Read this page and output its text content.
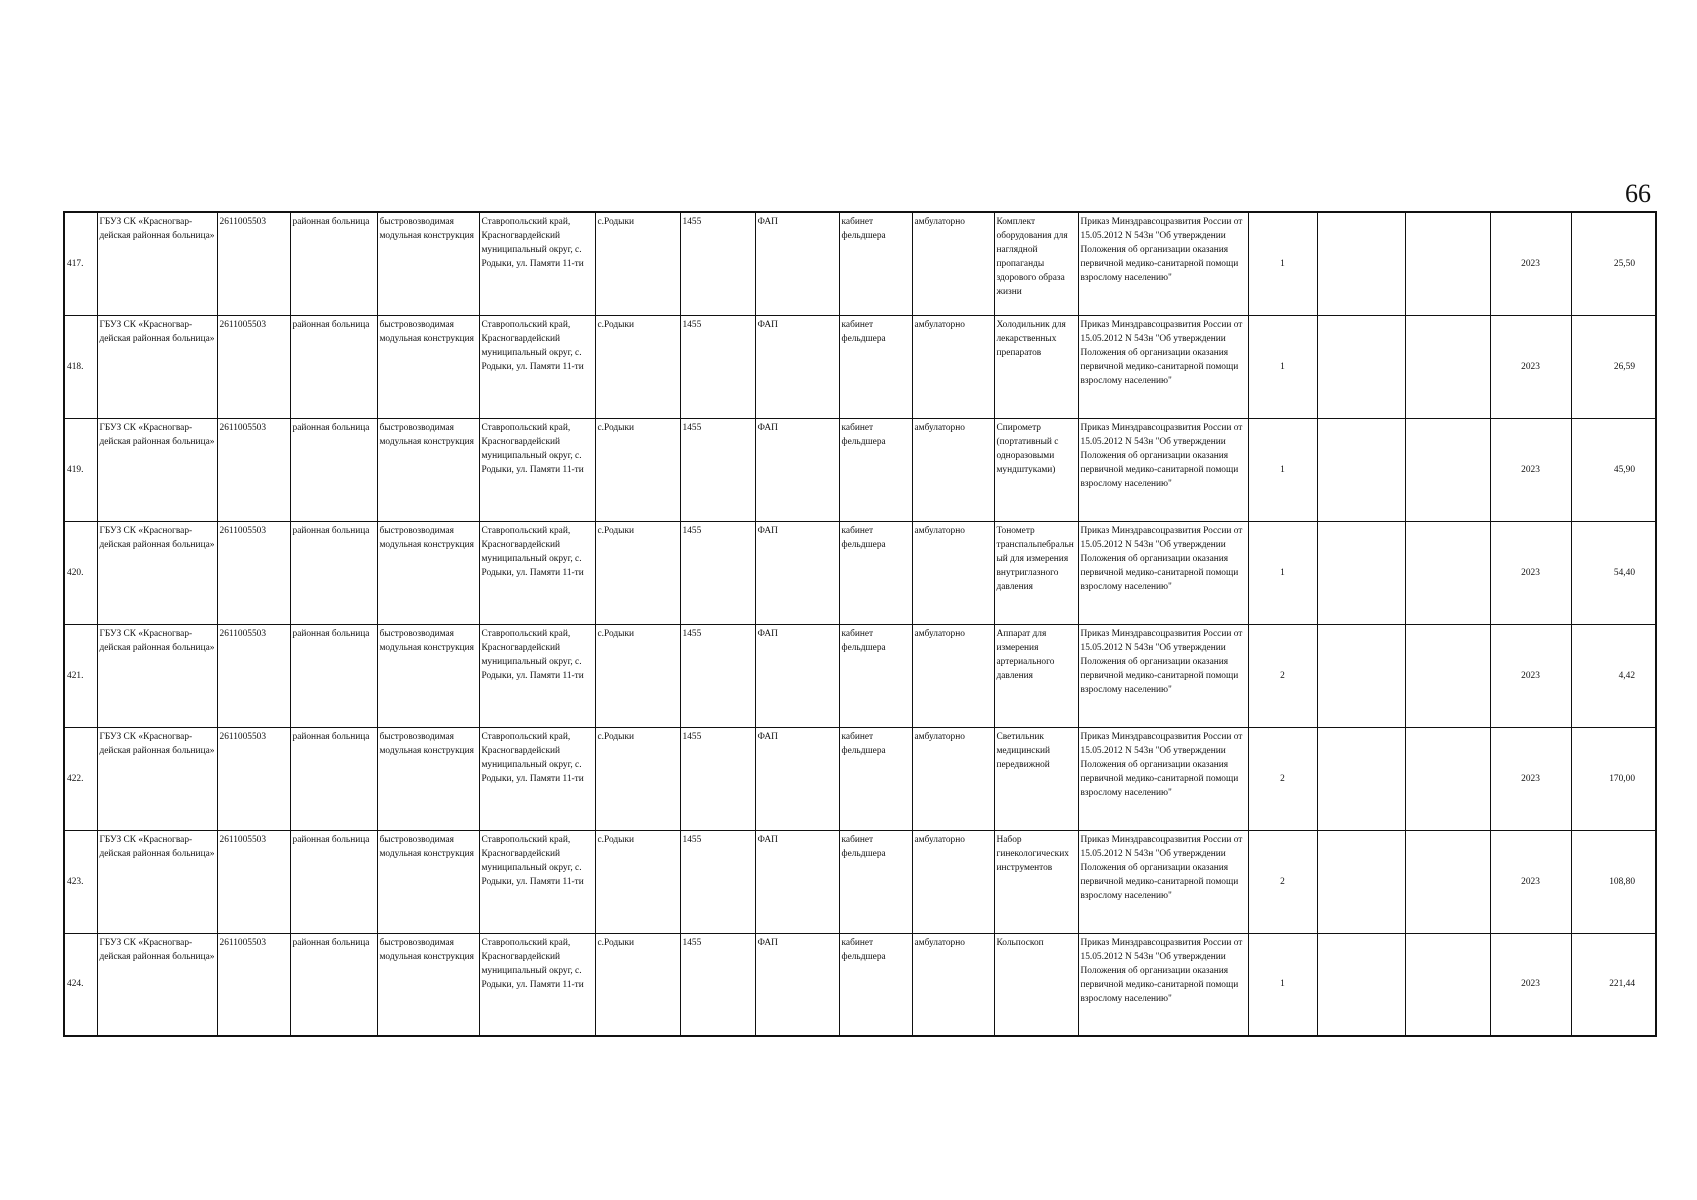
66
417.	ГБУЗ СК «Красногвар-дейская районная больница»	2611005503	районная больница	быстровозводимая модульная конструкция	Ставропольский край, Красногвардейский муниципальный округ, с. Родыки, ул. Памяти 11-ти	с.Родыки	1455	ФАП	кабинет фельдшера	амбулаторно	Комплект оборудования для наглядной пропаганды здорового образа жизни	Приказ Минздравсоцразвития России от 15.05.2012 N 543н "Об утверждении Положения об организации оказания первичной медико-санитарной помощи взрослому населению"	1			2023	25,50
418.	ГБУЗ СК «Красногвар-дейская районная больница»	2611005503	районная больница	быстровозводимая модульная конструкция	Ставропольский край, Красногвардейский муниципальный округ, с. Родыки, ул. Памяти 11-ти	с.Родыки	1455	ФАП	кабинет фельдшера	амбулаторно	Холодильник для лекарственных препаратов	Приказ Минздравсоцразвития России от 15.05.2012 N 543н "Об утверждении Положения об организации оказания первичной медико-санитарной помощи взрослому населению"	1			2023	26,59
419.	ГБУЗ СК «Красногвар-дейская районная больница»	2611005503	районная больница	быстровозводимая модульная конструкция	Ставропольский край, Красногвардейский муниципальный округ, с. Родыки, ул. Памяти 11-ти	с.Родыки	1455	ФАП	кабинет фельдшера	амбулаторно	Спирометр (портативный с одноразовыми мундштуками)	Приказ Минздравсоцразвития России от 15.05.2012 N 543н "Об утверждении Положения об организации оказания первичной медико-санитарной помощи взрослому населению"	1			2023	45,90
420.	ГБУЗ СК «Красногвар-дейская районная больница»	2611005503	районная больница	быстровозводимая модульная конструкция	Ставропольский край, Красногвардейский муниципальный округ, с. Родыки, ул. Памяти 11-ти	с.Родыки	1455	ФАП	кабинет фельдшера	амбулаторно	Тонометр транспальпебральный для измерения внутриглазного давления	Приказ Минздравсоцразвития России от 15.05.2012 N 543н "Об утверждении Положения об организации оказания первичной медико-санитарной помощи взрослому населению"	1			2023	54,40
421.	ГБУЗ СК «Красногвар-дейская районная больница»	2611005503	районная больница	быстровозводимая модульная конструкция	Ставропольский край, Красногвардейский муниципальный округ, с. Родыки, ул. Памяти 11-ти	с.Родыки	1455	ФАП	кабинет фельдшера	амбулаторно	Аппарат для измерения артериального давления	Приказ Минздравсоцразвития России от 15.05.2012 N 543н "Об утверждении Положения об организации оказания первичной медико-санитарной помощи взрослому населению"	2			2023	4,42
422.	ГБУЗ СК «Красногвар-дейская районная больница»	2611005503	районная больница	быстровозводимая модульная конструкция	Ставропольский край, Красногвардейский муниципальный округ, с. Родыки, ул. Памяти 11-ти	с.Родыки	1455	ФАП	кабинет фельдшера	амбулаторно	Светильник медицинский передвижной	Приказ Минздравсоцразвития России от 15.05.2012 N 543н "Об утверждении Положения об организации оказания первичной медико-санитарной помощи взрослому населению"	2			2023	170,00
423.	ГБУЗ СК «Красногвар-дейская районная больница»	2611005503	районная больница	быстровозводимая модульная конструкция	Ставропольский край, Красногвардейский муниципальный округ, с. Родыки, ул. Памяти 11-ти	с.Родыки	1455	ФАП	кабинет фельдшера	амбулаторно	Набор гинекологических инструментов	Приказ Минздравсоцразвития России от 15.05.2012 N 543н "Об утверждении Положения об организации оказания первичной медико-санитарной помощи взрослому населению"	2			2023	108,80
424.	ГБУЗ СК «Красногвар-дейская районная больница»	2611005503	районная больница	быстровозводимая модульная конструкция	Ставропольский край, Красногвардейский муниципальный округ, с. Родыки, ул. Памяти 11-ти	с.Родыки	1455	ФАП	кабинет фельдшера	амбулаторно	Кольпоскоп	Приказ Минздравсоцразвития России от 15.05.2012 N 543н "Об утверждении Положения об организации оказания первичной медико-санитарной помощи взрослому населению"	1			2023	221,44
